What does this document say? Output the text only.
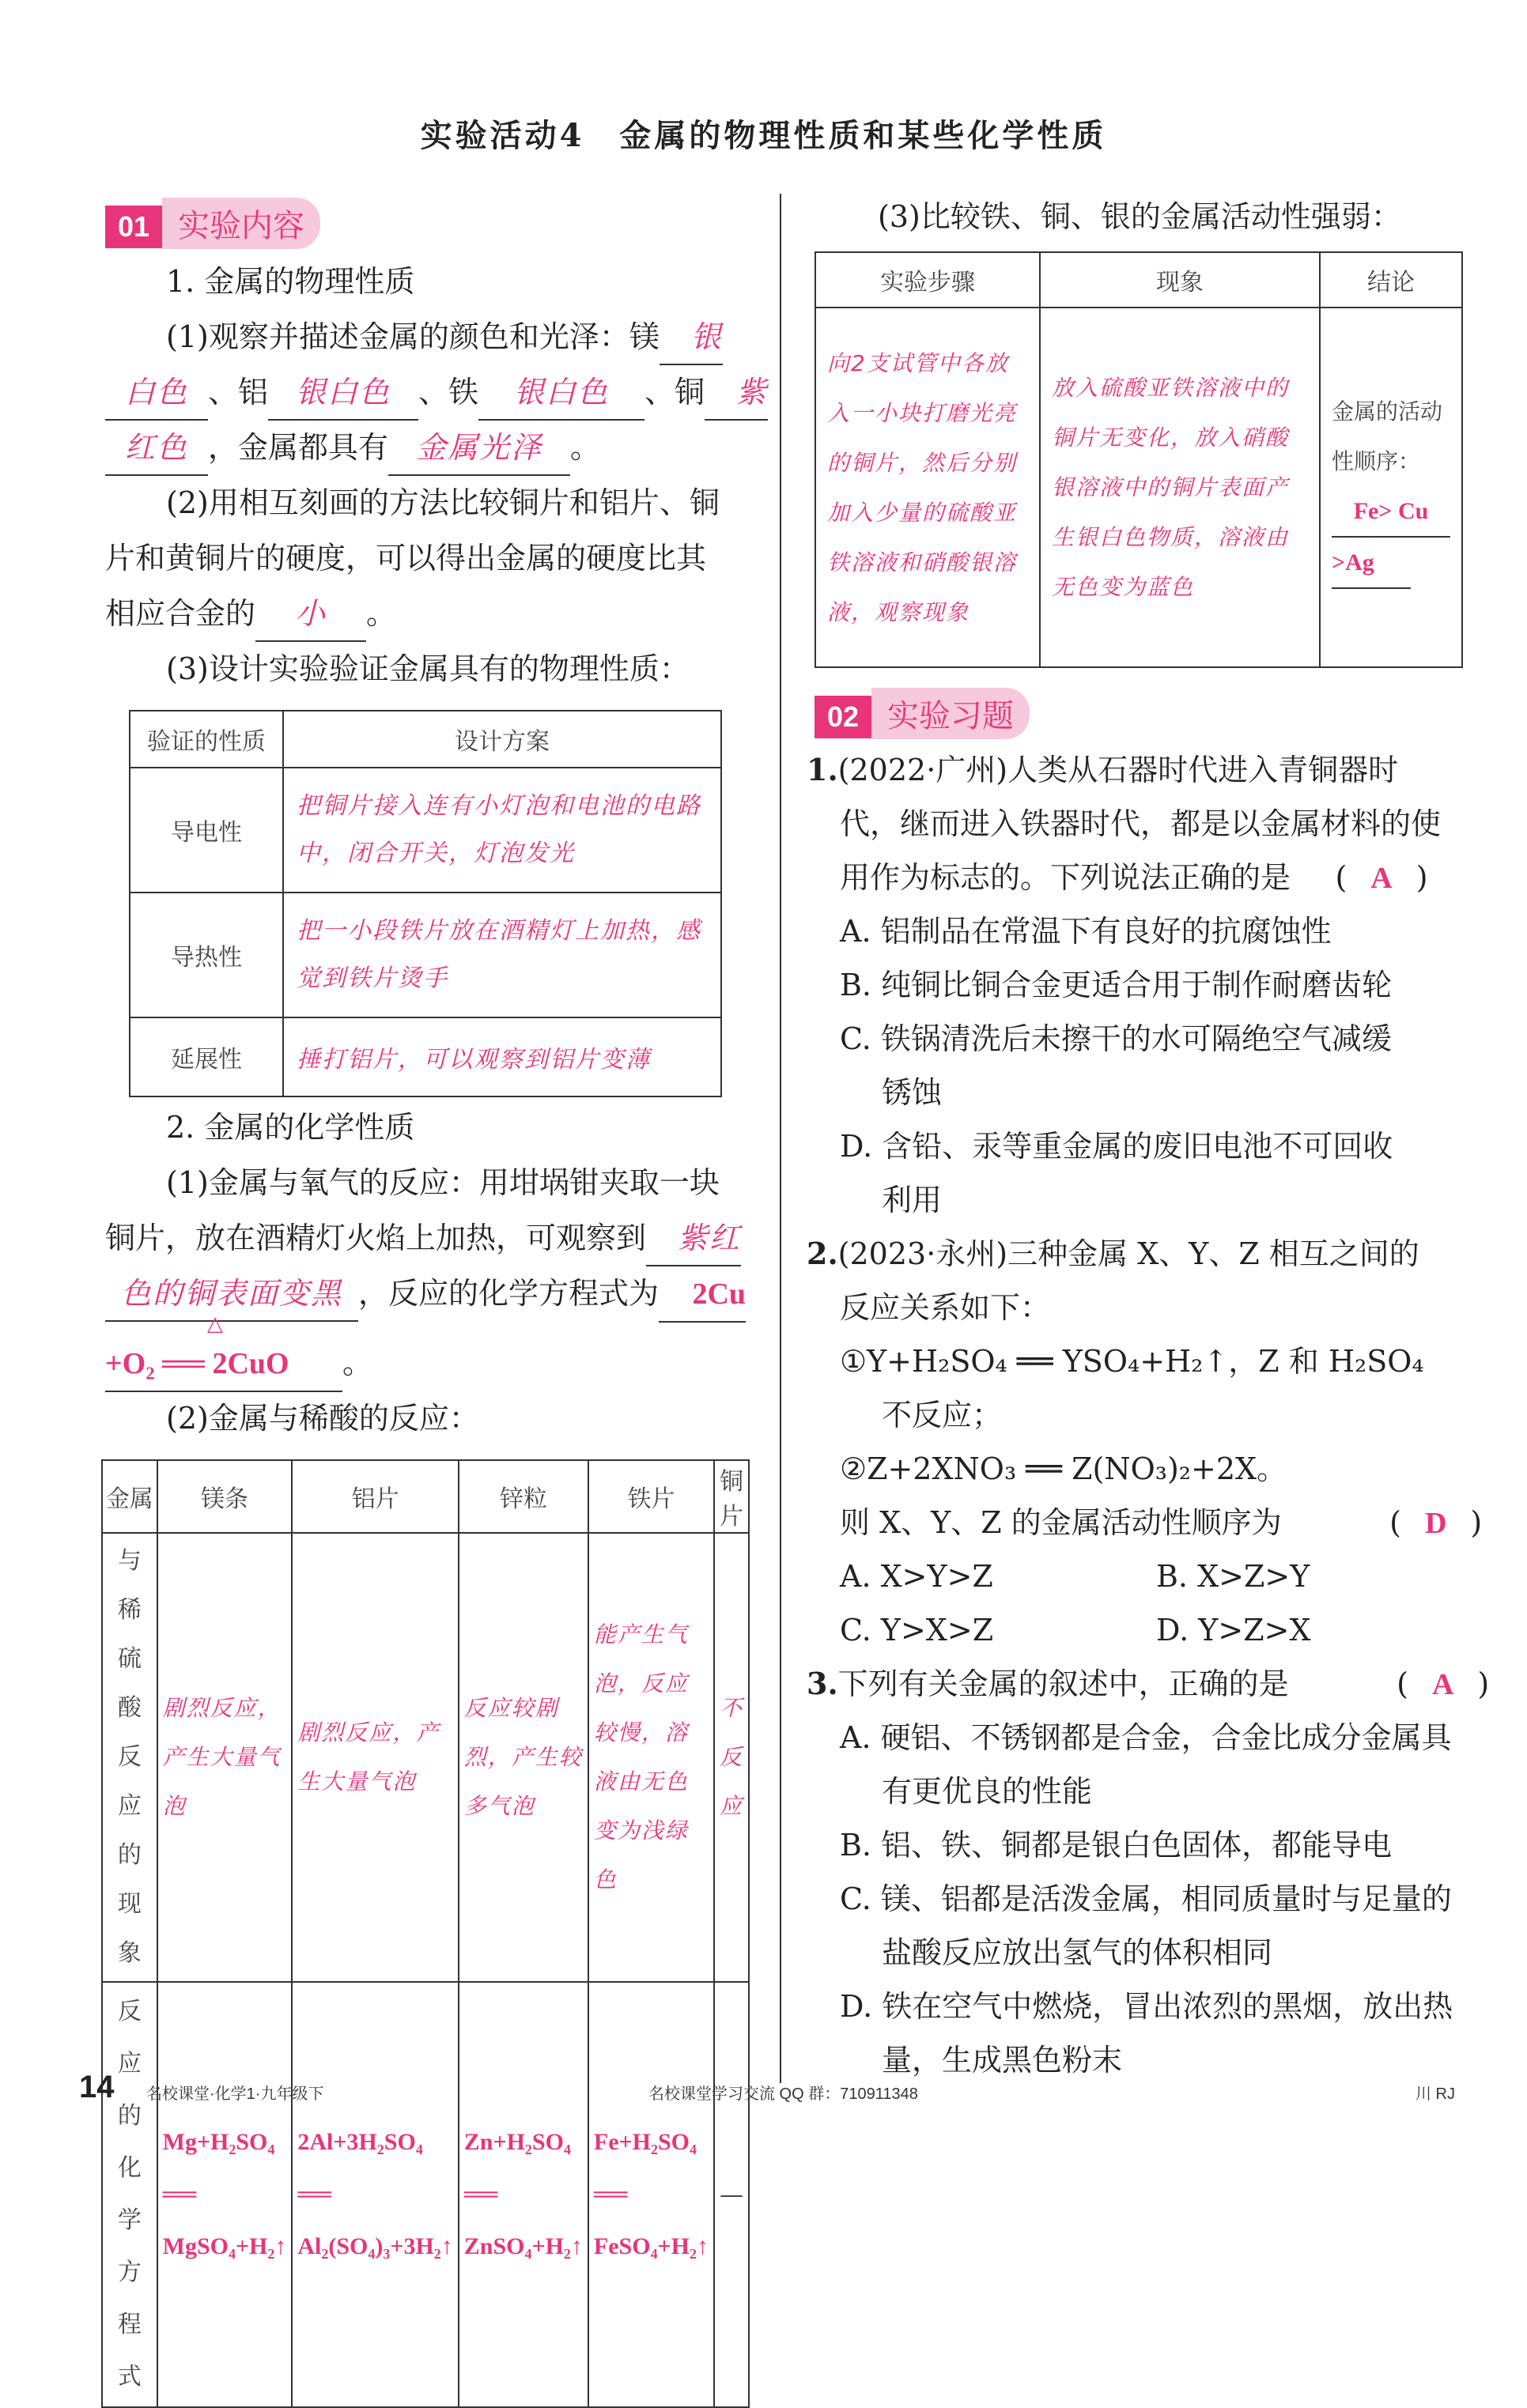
实验活动4　金属的物理性质和某些化学性质
01 实验内容
1. 金属的物理性质
(1)观察并描述金属的颜色和光泽：镁 银
白色 、铝 银白色 、铁 银白色 、铜 紫
红色 ，金属都具有 金属光泽 。
(2)用相互刻画的方法比较铜片和铝片、铜
片和黄铜片的硬度，可以得出金属的硬度比其
相应合金的 小 。
(3)设计实验验证金属具有的物理性质：
验证的性质	设计方案
导电性	把铜片接入连有小灯泡和电池的电路中，闭合开关，灯泡发光
导热性	把一小段铁片放在酒精灯上加热，感觉到铁片烫手
延展性	捶打铝片，可以观察到铝片变薄
2. 金属的化学性质
(1)金属与氧气的反应：用坩埚钳夹取一块
铜片，放在酒精灯火焰上加热，可观察到 紫红
色的铜表面变黑 ，反应的化学方程式为 2Cu
△
+O₂ ══ 2CuO 。
(2)金属与稀酸的反应：
金属	镁条	铝片	锌粒	铁片	铜片
与稀硫酸反应的现象	剧烈反应，产生大量气泡	剧烈反应，产生大量气泡	反应较剧烈，产生较多气泡	能产生气泡，反应较慢，溶液由无色变为浅绿色	不反应
反应的化学方程式	Mg+H₂SO₄ ══ MgSO₄+H₂↑	2Al+3H₂SO₄ ══ Al₂(SO₄)₃+3H₂↑	Zn+H₂SO₄ ══ ZnSO₄+H₂↑	Fe+H₂SO₄ ══ FeSO₄+H₂↑	—
(3)比较铁、铜、银的金属活动性强弱：
实验步骤	现象	结论
向2支试管中各放入一小块打磨光亮的铜片，然后分别加入少量的硫酸亚铁溶液和硝酸银溶液，观察现象	放入硫酸亚铁溶液中的铜片无变化，放入硝酸银溶液中的铜片表面产生银白色物质，溶液由无色变为蓝色	金属的活动性顺序：
Fe> Cu >Ag
02 实验习题
1.(2022·广州)人类从石器时代进入青铜器时
代，继而进入铁器时代，都是以金属材料的使
用作为标志的。下列说法正确的是 ( A )
A. 铝制品在常温下有良好的抗腐蚀性
B. 纯铜比铜合金更适合用于制作耐磨齿轮
C. 铁锅清洗后未擦干的水可隔绝空气减缓
锈蚀
D. 含铅、汞等重金属的废旧电池不可回收
利用
2.(2023·永州)三种金属 X、Y、Z 相互之间的
反应关系如下：
①Y+H₂SO₄ ══ YSO₄+H₂↑，Z 和 H₂SO₄
不反应；
②Z+2XNO₃ ══ Z(NO₃)₂+2X。
则 X、Y、Z 的金属活动性顺序为	( D )
A. X>Y>Z	B. X>Z>Y
C. Y>X>Z	D. Y>Z>X
3.下列有关金属的叙述中，正确的是	( A )
A. 硬铝、不锈钢都是合金，合金比成分金属具
有更优良的性能
B. 铝、铁、铜都是银白色固体，都能导电
C. 镁、铝都是活泼金属，相同质量时与足量的
盐酸反应放出氢气的体积相同
D. 铁在空气中燃烧，冒出浓烈的黑烟，放出热
量，生成黑色粉末
14 名校课堂·化学1·九年级下	名校课堂学习交流 QQ 群：710911348	川 RJ
